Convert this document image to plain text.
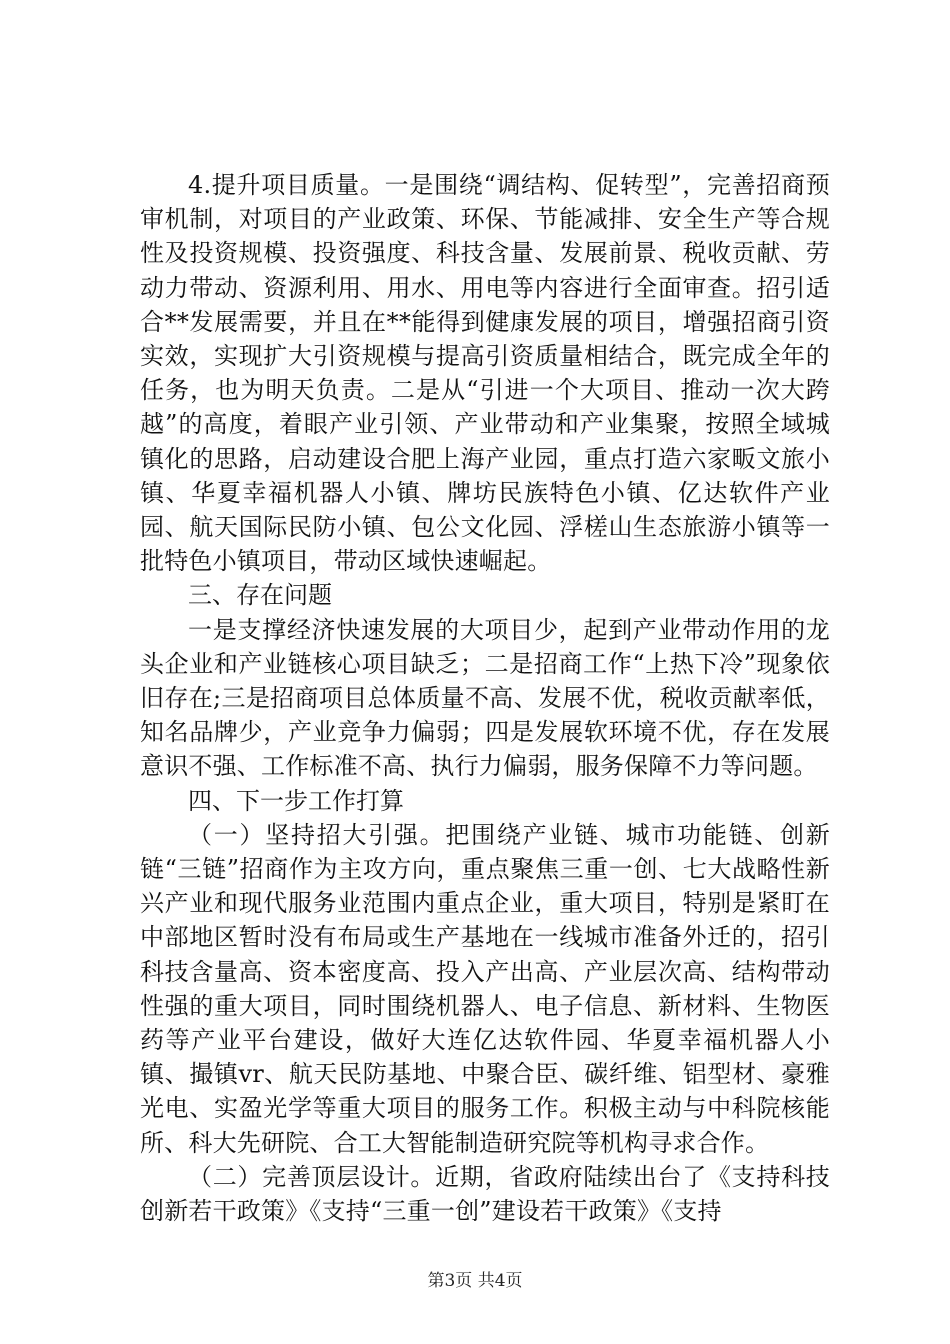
4.提升项目质量。一是围绕“调结构、促转型”，完善招商预审机制，对项目的产业政策、环保、节能减排、安全生产等合规性及投资规模、投资强度、科技含量、发展前景、税收贡献、劳动力带动、资源利用、用水、用电等内容进行全面审查。招引适合**发展需要，并且在**能得到健康发展的项目，增强招商引资实效，实现扩大引资规模与提高引资质量相结合，既完成全年的任务，也为明天负责。二是从“引进一个大项目、推动一次大跨越”的高度，着眼产业引领、产业带动和产业集聚，按照全域城镇化的思路，启动建设合肥上海产业园，重点打造六家畈文旅小镇、华夏幸福机器人小镇、牌坊民族特色小镇、亿达软件产业园、航天国际民防小镇、包公文化园、浮槎山生态旅游小镇等一批特色小镇项目，带动区域快速崛起。

三、存在问题

一是支撑经济快速发展的大项目少，起到产业带动作用的龙头企业和产业链核心项目缺乏；二是招商工作“上热下冷”现象依旧存在;三是招商项目总体质量不高、发展不优，税收贡献率低，知名品牌少，产业竞争力偏弱；四是发展软环境不优，存在发展意识不强、工作标准不高、执行力偏弱，服务保障不力等问题。

四、下一步工作打算

（一）坚持招大引强。把围绕产业链、城市功能链、创新链“三链”招商作为主攻方向，重点聚焦三重一创、七大战略性新兴产业和现代服务业范围内重点企业，重大项目，特别是紧盯在中部地区暂时没有布局或生产基地在一线城市准备外迁的，招引科技含量高、资本密度高、投入产出高、产业层次高、结构带动性强的重大项目，同时围绕机器人、电子信息、新材料、生物医药等产业平台建设，做好大连亿达软件园、华夏幸福机器人小镇、撮镇vr、航天民防基地、中聚合臣、碳纤维、铝型材、豪雅光电、实盈光学等重大项目的服务工作。积极主动与中科院核能所、科大先研院、合工大智能制造研究院等机构寻求合作。

（二）完善顶层设计。近期，省政府陆续出台了《支持科技创新若干政策》《支持“三重一创”建设若干政策》《支持

第3页 共4页
